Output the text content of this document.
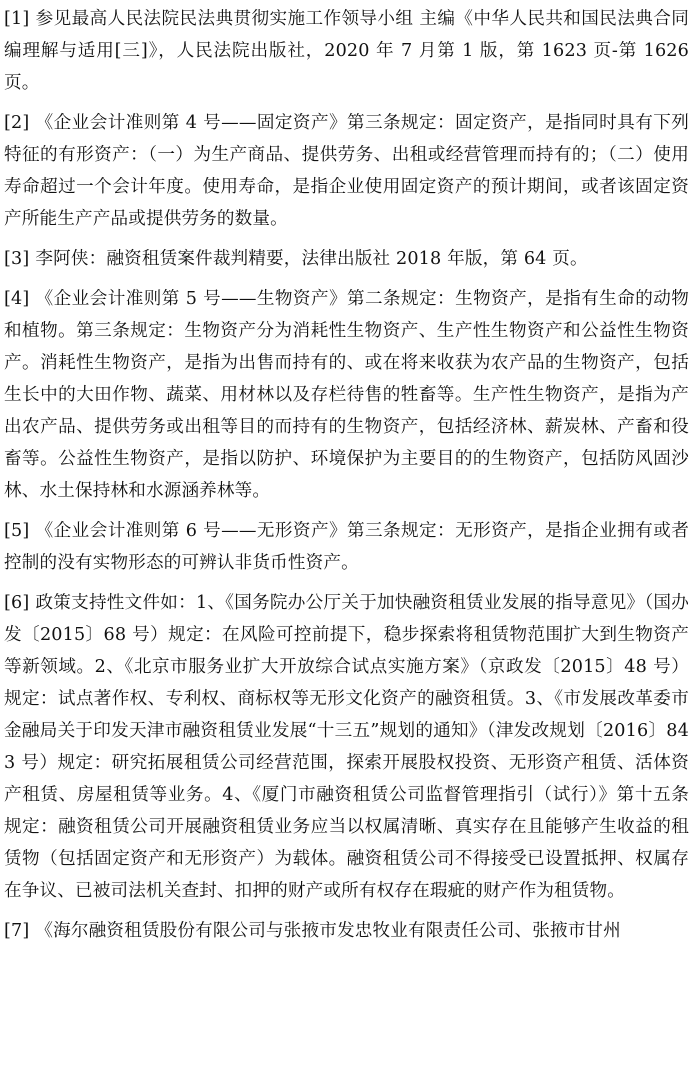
[1] 参见最高人民法院民法典贯彻实施工作领导小组 主编《中华人民共和国民法典合同编理解与适用[三]》，人民法院出版社，2020 年 7 月第 1 版，第 1623 页-第 1626 页。

[2] 《企业会计准则第 4 号——固定资产》第三条规定：固定资产，是指同时具有下列特征的有形资产：（一）为生产商品、提供劳务、出租或经营管理而持有的；（二）使用寿命超过一个会计年度。使用寿命，是指企业使用固定资产的预计期间，或者该固定资产所能生产产品或提供劳务的数量。

[3] 李阿侠：融资租赁案件裁判精要，法律出版社 2018 年版，第 64 页。

[4] 《企业会计准则第 5 号——生物资产》第二条规定：生物资产，是指有生命的动物和植物。第三条规定：生物资产分为消耗性生物资产、生产性生物资产和公益性生物资产。消耗性生物资产，是指为出售而持有的、或在将来收获为农产品的生物资产，包括生长中的大田作物、蔬菜、用材林以及存栏待售的牲畜等。生产性生物资产，是指为产出农产品、提供劳务或出租等目的而持有的生物资产，包括经济林、薪炭林、产畜和役畜等。公益性生物资产，是指以防护、环境保护为主要目的的生物资产，包括防风固沙林、水土保持林和水源涵养林等。

[5] 《企业会计准则第 6 号——无形资产》第三条规定：无形资产，是指企业拥有或者控制的没有实物形态的可辨认非货币性资产。

[6] 政策支持性文件如：1、《国务院办公厅关于加快融资租赁业发展的指导意见》（国办发〔2015〕68 号）规定：在风险可控前提下，稳步探索将租赁物范围扩大到生物资产等新领域。2、《北京市服务业扩大开放综合试点实施方案》（京政发〔2015〕48 号）规定：试点著作权、专利权、商标权等无形文化资产的融资租赁。3、《市发展改革委市金融局关于印发天津市融资租赁业发展“十三五”规划的通知》（津发改规划〔2016〕843 号）规定：研究拓展租赁公司经营范围，探索开展股权投资、无形资产租赁、活体资产租赁、房屋租赁等业务。4、《厦门市融资租赁公司监督管理指引（试行）》第十五条规定：融资租赁公司开展融资租赁业务应当以权属清晰、真实存在且能够产生收益的租赁物（包括固定资产和无形资产）为载体。融资租赁公司不得接受已设置抵押、权属存在争议、已被司法机关查封、扣押的财产或所有权存在瑕疵的财产作为租赁物。

[7] 《海尔融资租赁股份有限公司与张掖市发忠牧业有限责任公司、张掖市甘州
